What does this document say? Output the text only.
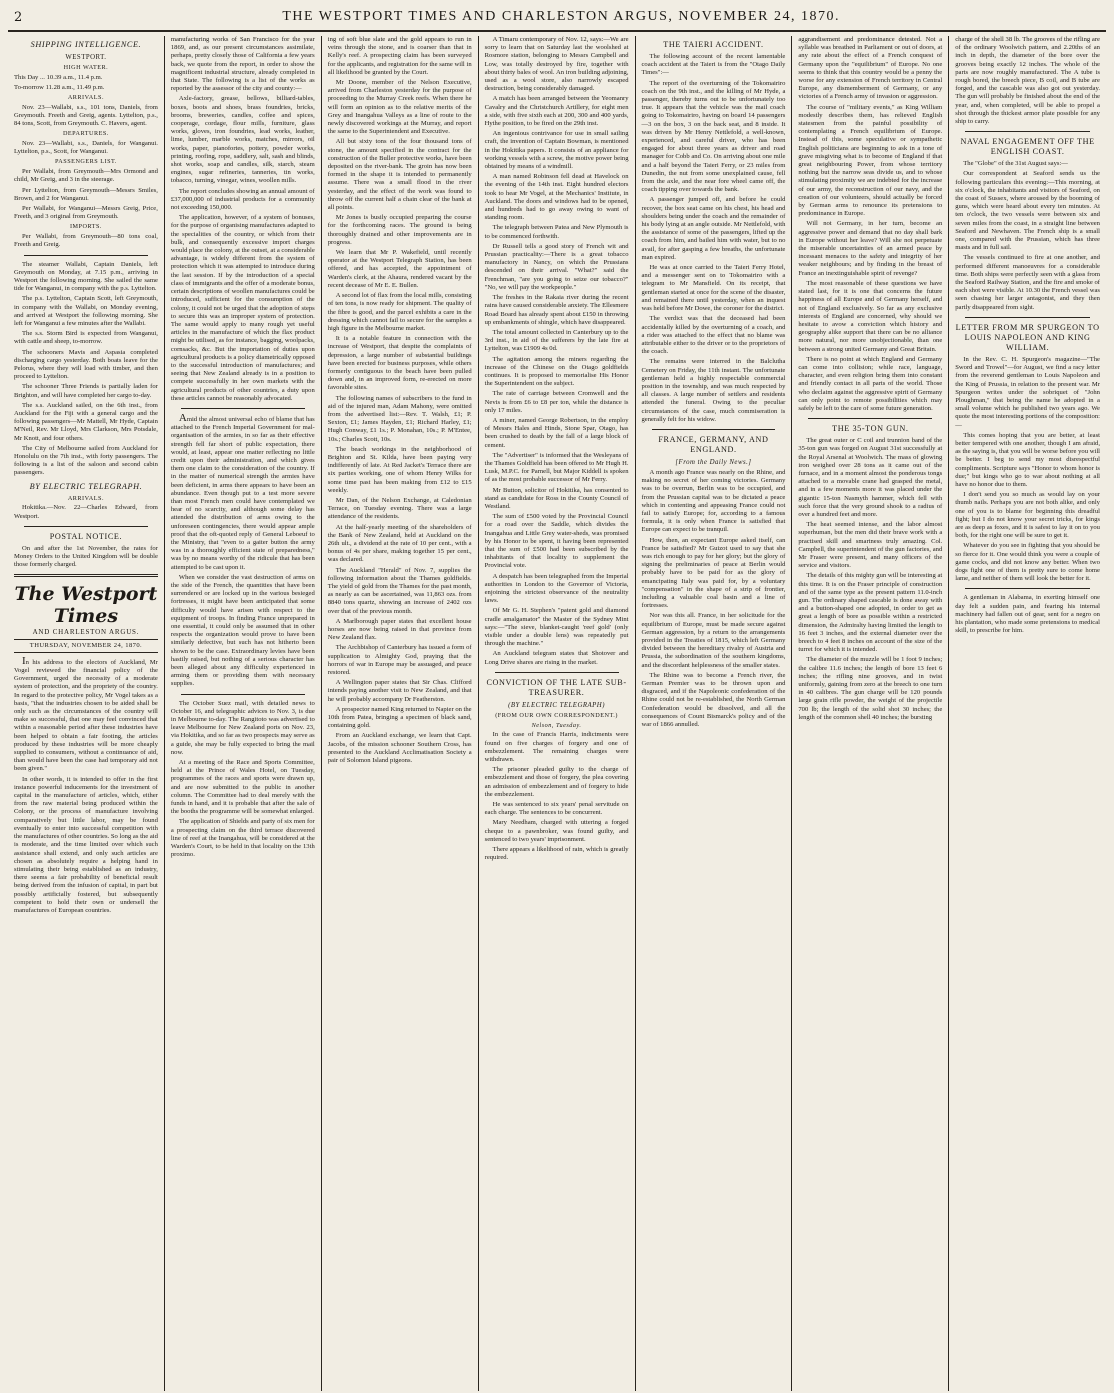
2	THE WESTPORT TIMES AND CHARLESTON ARGUS, NOVEMBER 24, 1870.
SHIPPING INTELLIGENCE.
WESTPORT.
HIGH WATER.

This Day ... 10.39 a.m., 11.4 p.m.

To-morrow 11.28 a.m., 11.49 p.m.

ARRIVALS.

Nov. 23—Wallabi, s.s., 101 tons, Daniels, from Greymouth. Freeth and Greig, agents. Lyttelton, p.s., 84 tons, Scott, from Greymouth. C. Havers, agent.

DEPARTURES.

Nov. 23—Wallabi, s.s., Daniels, for Wanganui. Lyttelton, p.s., Scott, for Wanganui.

PASSENGERS LIST.

Per Wallabi, from Greymouth—Mrs Ormond and child, Mr Greig, and 3 in the steerage.

Per Lyttelton, from Greymouth—Messrs Smiles, Brown, and 2 for Wanganui.

Per Wallabi, for Wanganui—Messrs Greig, Price, Freeth, and 3 original from Greymouth.

IMPORTS.

Per Wallabi, from Greymouth—80 tons coal, Freeth and Greig.

The steamer Wallabi, Captain Daniels, left Greymouth on Monday, at 7.15 p.m., arriving in Westport the following morning. She sailed the same tide for Wanganui, in company with the p.s. Lyttelton.

The p.s. Lyttelton, Captain Scott, left Greymouth, in company with the Wallabi, on Monday evening, and arrived at Westport the following morning. She left for Wanganui a few minutes after the Wallabi.

The s.s. Storm Bird is expected from Wanganui, with cattle and sheep, to-morrow.

The schooners Mavis and Aspasia completed discharging cargo yesterday. Both boats leave for the Pelorus, where they will load with timber, and then proceed to Lyttelton.

The schooner Three Friends is partially laden for Brighton, and will have completed her cargo to-day.

The s.s. Auckland sailed, on the 6th inst., from Auckland for the Fiji with a general cargo and the following passengers—Mr Mattell, Mr Hyde, Captain M'Neil, Rev. Mr Lloyd, Mrs Clarkson, Mrs Potsdale, Mr Knott, and four others.

The City of Melbourne sailed from Auckland for Honolulu on the 7th inst., with forty passengers. The following is a list of the saloon and second cabin passengers.

BY ELECTRIC TELEGRAPH.
ARRIVALS.

Hokitika.—Nov. 22—Charles Edward, from Westport.

POSTAL NOTICE.

On and after the 1st November, the rates for Money Orders to the United Kingdom will be double those formerly charged.

The Westport Times
AND CHARLESTON ARGUS.
THURSDAY, NOVEMBER 24, 1870.

In his address to the electors of Auckland, Mr Vogel reviewed the financial policy of the Government, urged the necessity of a moderate system of protection, and the propriety of the country. In regard to the protective policy, Mr Vogel takes as a basis, "that the industries chosen to be aided shall be only such as the circumstances of the country will make so successful, that one may feel convinced that within a reasonable period after these industries have been helped to obtain a fair footing, the articles produced by these industries will be more cheaply supplied to consumers, without a continuance of aid, than would have been the case had temporary aid not been given."

In other words, it is intended to offer in the first instance powerful inducements for the investment of capital in the manufacture of articles, which, either from the raw material being produced within the Colony, or the process of manufacture involving comparatively but little labor, may be found eventually to enter into successful competition with the manufactures of other countries. So long as the aid is moderate, and the time limited over which such assistance shall extend, and only such articles are chosen as absolutely require a helping hand in stimulating their being established as an industry, there seems a fair probability of beneficial result being derived from the infusion of capital, in part but possibly artificially fostered, but subsequently competent to hold their own or undersell the manufactures of European countries.

manufacturing works of San Francisco for the year 1869, and, as our present circumstances assimilate, perhaps, pretty closely those of California a few years back, we quote from the report, in order to show the magnificent industrial structure, already completed in that State. The following is a list of the works as reported by the assessor of the city and county:—

Axle-factory, grease, bellows, billiard-tables, boxes, boots and shoes, brass foundries, bricks, brooms, breweries, candles, coffee and spices, cooperage, cordage, flour mills, furniture, glass works, gloves, iron foundries, lead works, leather, lime, lumber, marble works, matches, mirrors, oil works, paper, pianofortes, pottery, powder works, printing, roofing, rope, saddlery, salt, sash and blinds, shot works, soap and candles, silk, starch, steam engines, sugar refineries, tanneries, tin works, tobacco, turning, vinegar, wines, woollen mills.

The report concludes showing an annual amount of £37,000,000 of industrial products for a community not exceeding 150,000.

The application, however, of a system of bonuses, for the purpose of organising manufactures adapted to the specialities of the country, or which from their bulk, and consequently excessive import charges would place the colony, at the outset, at a considerable advantage, is widely different from the system of protection which it was attempted to introduce during the last session. If by the introduction of a special class of immigrants and the offer of a moderate bonus, certain descriptions of woollen manufactures could be introduced, sufficient for the consumption of the colony, it could not be urged that the adoption of steps to secure this was an improper system of protection. The same would apply to many rough yet useful articles in the manufacture of which the flax product might be utilised, as for instance, bagging, woolpacks, cornsacks, &c. But the importation of duties upon agricultural products is a policy diametrically opposed to the successful introduction of manufactures; and seeing that New Zealand already is in a position to compete successfully in her own markets with the agricultural products of other countries, a duty upon these articles cannot be reasonably advocated.

Amid the almost universal echo of blame that has attached to the French Imperial Government for mal-organisation of the armies, in so far as their effective strength fell far short of public expectation, there would, at least, appear one matter reflecting no little credit upon their administration, and which gives them one claim to the consideration of the country. If in the matter of numerical strength the armies have been deficient, in arms there appears to have been an abundance. Even though put to a test more severe than most French men could have contemplated we hear of no scarcity, and although some delay has attended the distribution of arms owing to the unforeseen contingencies, there would appear ample proof that the oft-quoted reply of General Leboeuf to the Ministry, that "even to a gaiter button the army was in a thoroughly efficient state of preparedness," was by no means worthy of the ridicule that has been attempted to be cast upon it.

When we consider the vast destruction of arms on the side of the French, the quantities that have been surrendered or are locked up in the various besieged fortresses, it might have been anticipated that some difficulty would have arisen with respect to the equipment of troops. In finding France unprepared in one essential, it could only be assumed that in other respects the organization would prove to have been similarly defective, but such has not hitherto been shown to be the case. Extraordinary levies have been hastily raised, but nothing of a serious character has been alleged about any difficulty experienced in arming them or providing them with necessary supplies.

The October Suez mail, with detailed news to October 16, and telegraphic advices to Nov. 3, is due in Melbourne to-day. The Rangitoto was advertised to leave Melbourne for New Zealand ports on Nov. 23, via Hokitika, and so far as two prospects may serve as a guide, she may be fully expected to bring the mail now.

At a meeting of the Race and Sports Committee, held at the Prince of Wales Hotel, on Tuesday, programmes of the races and sports were drawn up, and are now submitted to the public in another column. The Committee had to deal merely with the funds in hand, and it is probable that after the sale of the booths the programme will be somewhat enlarged.

The application of Shields and party of six men for a prospecting claim on the third terrace discovered line of reef at the Inangahua, will be considered at the Warden's Court, to be held in that locality on the 13th proximo.

ing of soft blue slate and the gold appears to run in veins through the stone, and is coarser than that in Kelly's reef. A prospecting claim has been surveyed for the applicants, and registration for the same will in all likelihood be granted by the Court.

Mr Doone, member of the Nelson Executive, arrived from Charleston yesterday for the purpose of proceeding to the Murray Creek reefs. When there he will form an opinion as to the relative merits of the Grey and Inangahua Valleys as a line of route to the newly discovered workings at the Murray, and report the same to the Superintendent and Executive.

All but sixty tons of the four thousand tons of stone, the amount specified in the contract for the construction of the Buller protective works, have been deposited on the river-bank. The groin has now been formed in the shape it is intended to permanently assume. There was a small flood in the river yesterday, and the effect of the work was found to throw off the current half a chain clear of the bank at all points.

Mr Jones is busily occupied preparing the course for the forthcoming races. The ground is being thoroughly drained and other improvements are in progress.

We learn that Mr P. Wakefield, until recently operator at the Westport Telegraph Station, has been offered, and has accepted, the appointment of Warden's clerk, at the Ahaura, rendered vacant by the recent decease of Mr E. E. Bullen.

A second lot of flax from the local mills, consisting of ten tons, is now ready for shipment. The quality of the fibre is good, and the parcel exhibits a care in the dressing which cannot fail to secure for the samples a high figure in the Melbourne market.

It is a notable feature in connection with the increase of Westport, that despite the complaints of depression, a large number of substantial buildings have been erected for business purposes, while others formerly contiguous to the beach have been pulled down and, in an improved form, re-erected on more favorable sites.

The following names of subscribers to the fund in aid of the injured man, Adam Mahony, were omitted from the advertised list:—Rev. T. Walsh, £1; P. Sexton, £1; James Hayden, £1; Richard Harley, £1; Hugh Conway, £1 1s.; P. Monahan, 10s.; P. M'Entee, 10s.; Charles Scott, 10s.

The beach workings in the neighborhood of Brighton and St. Kilda, have been paying very indifferently of late. At Red Jacket's Terrace there are six parties working, one of whom Henry Wilks for some time past has been making from £12 to £15 weekly.

Mr Dan, of the Nelson Exchange, at Caledonian Terrace, on Tuesday evening. There was a large attendance of the residents.

At the half-yearly meeting of the shareholders of the Bank of New Zealand, held at Auckland on the 26th ult., a dividend at the rate of 10 per cent., with a bonus of 4s per share, making together 15 per cent., was declared.

The Auckland "Herald" of Nov. 7, supplies the following information about the Thames goldfields. The yield of gold from the Thames for the past month, as nearly as can be ascertained, was 11,863 ozs. from 8840 tons quartz, showing an increase of 2402 ozs over that of the previous month.

A Marlborough paper states that excellent house horses are now being raised in that province from New Zealand flax.

The Archbishop of Canterbury has issued a form of supplication to Almighty God, praying that the horrors of war in Europe may be assuaged, and peace restored.

A Wellington paper states that Sir Chas. Clifford intends paying another visit to New Zealand, and that he will probably accompany Dr Featherston.

A prospector named King returned to Napier on the 10th from Patea, bringing a specimen of black sand, containing gold.

From an Auckland exchange, we learn that Capt. Jacobs, of the mission schooner Southern Cross, has presented to the Auckland Acclimatisation Society a pair of Solomon Island pigeons.

A Timaru contemporary of Nov. 12, says:—We are sorry to learn that on Saturday last the woolshed at Rosmore station, belonging to Messrs Campbell and Low, was totally destroyed by fire, together with about thirty bales of wool. An iron building adjoining, used as a wool store, also narrowly escaped destruction, being considerably damaged.

A match has been arranged between the Yeomanry Cavalry and the Christchurch Artillery, for eight men a side, with five sixth each at 200, 300 and 400 yards, Hythe position, to be fired on the 29th inst.

An ingenious contrivance for use in small sailing craft, the invention of Captain Bowman, is mentioned in the Hokitika papers. It consists of an appliance for working vessels with a screw, the motive power being obtained by means of a windmill.

A man named Robinson fell dead at Havelock on the evening of the 14th inst. Eight hundred electors took to hear Mr Vogel, at the Mechanics' Institute, in Auckland. The doors and windows had to be opened, and hundreds had to go away owing to want of standing room.

The telegraph between Patea and New Plymouth is to be commenced forthwith.

Dr Russell tells a good story of French wit and Prussian practicality:—There is a great tobacco manufactory in Nancy, on which the Prussians descended on their arrival. "What?" said the Frenchman, "are you going to seize our tobacco?" "No, we will pay the workpeople."

The freshes in the Rakaia river during the recent rains have caused considerable anxiety. The Ellesmere Road Board has already spent about £150 in throwing up embankments of shingle, which have disappeared.

The total amount collected in Canterbury up to the 3rd inst., in aid of the sufferers by the late fire at Lyttelton, was £1909 4s 0d.

The agitation among the miners regarding the increase of the Chinese on the Otago goldfields continues. It is proposed to memorialise His Honor the Superintendent on the subject.

The rate of carriage between Cromwell and the Nevis is from £6 to £8 per ton, while the distance is only 17 miles.

A miner, named George Robertson, in the employ of Messrs Hales and Hinds, Stone Spar, Otago, has been crushed to death by the fall of a large block of cement.

The "Advertiser" is informed that the Wesleyans of the Thames Goldfield has been offered to Mr Hugh H. Lusk, M.P.C. for Parnell, but Major Kiddell is spoken of as the most probable successor of Mr Ferry.

Mr Button, solicitor of Hokitika, has consented to stand as candidate for Ross in the County Council of Westland.

The sum of £500 voted by the Provincial Council for a road over the Saddle, which divides the Inangahua and Little Grey water-sheds, was promised by his Honor to be spent, it having been represented that the sum of £500 had been subscribed by the inhabitants of that locality to supplement the Provincial vote.

A despatch has been telegraphed from the Imperial authorities in London to the Governor of Victoria, enjoining the strictest observance of the neutrality laws.

Of Mr G. H. Stephen's "patent gold and diamond cradle amalgamator" the Master of the Sydney Mint says:—"The sieve, blanket-caught 'reef gold' (only visible under a double lens) was repeatedly put through the machine."

An Auckland telegram states that Shotover and Long Drive shares are rising in the market.

CONVICTION OF THE LATE SUB-TREASURER.
(BY ELECTRIC TELEGRAPH)
(FROM OUR OWN CORRESPONDENT.)
Nelson, Tuesday.

In the case of Francis Harris, indictments were found on five charges of forgery and one of embezzlement. The remaining charges were withdrawn.

The prisoner pleaded guilty to the charge of embezzlement and those of forgery, the plea covering an admission of embezzlement and of forgery to hide the embezzlement.

He was sentenced to six years' penal servitude on each charge. The sentences to be concurrent.

Mary Needham, charged with uttering a forged cheque to a pawnbroker, was found guilty, and sentenced to two years' imprisonment.

There appears a likelihood of rain, which is greatly required.

THE TAIERI ACCIDENT.

The following account of the recent lamentable coach accident at the Taieri is from the "Otago Daily Times":—

The report of the overturning of the Tokomairiro coach on the 9th inst., and the killing of Mr Hyde, a passenger, thereby turns out to be unfortunately too true. It appears that the vehicle was the mail coach going to Tokomairiro, having on board 14 passengers—3 on the box, 3 on the back seat, and 8 inside. It was driven by Mr Henry Nettlefold, a well-known, experienced, and careful driver, who has been engaged for about three years as driver and road manager for Cobb and Co. On arriving about one mile and a half beyond the Taieri Ferry, or 23 miles from Dunedin, the nut from some unexplained cause, fell from the axle, and the near fore wheel came off, the coach tipping over towards the bank.

A passenger jumped off, and before he could recover, the box seat came on his chest, his head and shoulders being under the coach and the remainder of his body lying at an angle outside. Mr Nettlefold, with the assistance of some of the passengers, lifted up the coach from him, and bailed him with water, but to no avail, for after gasping a few breaths, the unfortunate man expired.

He was at once carried to the Taieri Ferry Hotel, and a messenger sent on to Tokomairiro with a telegram to Mr Mansfield. On its receipt, that gentleman started at once for the scene of the disaster, and remained there until yesterday, when an inquest was held before Mr Dowe, the coroner for the district.

The verdict was that the deceased had been accidentally killed by the overturning of a coach, and a rider was attached to the effect that no blame was attributable either to the driver or to the proprietors of the coach.

The remains were interred in the Balclutha Cemetery on Friday, the 11th instant. The unfortunate gentleman held a highly respectable commercial position in the township, and was much respected by all classes. A large number of settlers and residents attended the funeral. Owing to the peculiar circumstances of the case, much commiseration is generally felt for his widow.

FRANCE, GERMANY, AND ENGLAND.
[From the Daily News.]

A month ago France was nearly on the Rhine, and making no secret of her coming victories. Germany was to be overrun, Berlin was to be occupied, and from the Prussian capital was to be dictated a peace which in contenting and appeasing France could not fail to satisfy Europe; for, according to a famous formula, it is only when France is satisfied that Europe can expect to be tranquil.

How, then, an expectant Europe asked itself, can France be satisfied? Mr Guizot used to say that she was rich enough to pay for her glory; but the glory of signing the preliminaries of peace at Berlin would probably have to be paid for as the glory of emancipating Italy was paid for, by a voluntary "compensation" in the shape of a strip of frontier, including a valuable coal basin and a line of fortresses.

Nor was this all. France, in her solicitude for the equilibrium of Europe, must be made secure against German aggression, by a return to the arrangements provided in the Treaties of 1815, which left Germany divided between the hereditary rivalry of Austria and Prussia, the subordination of the southern kingdoms, and the discordant helplessness of the smaller states.

The Rhine was to become a French river, the German Premier was to be thrown upon and disgraced, and if the Napoleonic confederation of the Rhine could not be re-established, the North German Confederation would be dissolved, and all the consequences of Count Bismarck's policy and of the war of 1866 annulled.

aggrandisement and predominance detested. Not a syllable was breathed in Parliament or out of doors, at any rate about the effect of a French conquest of Germany upon the "equilibrium" of Europe. No one seems to think that this country would be a penny the worse for any extension of French territory in Central Europe, any dismemberment of Germany, or any victories of a French army of invasion or aggression.

The course of "military events," as King William modestly describes them, has relieved English statesmen from the painful possibility of contemplating a French equilibrium of Europe. Instead of this, some speculative or sympathetic English politicians are beginning to ask in a tone of grave misgiving what is to become of England if that great neighbouring Power, from whose territory nothing but the narrow seas divide us, and to whose stimulating proximity we are indebted for the increase of our army, the reconstruction of our navy, and the creation of our volunteers, should actually be forced by German arms to renounce its pretensions to predominance in Europe.

Will not Germany, in her turn, become an aggressive power and demand that no day shall bark in Europe without her leave? Will she not perpetuate the miserable uncertainties of an armed peace by incessant menaces to the safety and integrity of her weaker neighbours; and by finding in the breast of France an inextinguishable spirit of revenge?

The most reasonable of these questions we have stated last, for it is one that concerns the future happiness of all Europe and of Germany herself, and not of England exclusively. So far as any exclusive interests of England are concerned, why should we hesitate to avow a conviction which history and geography alike support that there can be no alliance more natural, nor more unobjectionable, than one between a strong united Germany and Great Britain.

There is no point at which England and Germany can come into collision; while race, language, character, and even religion bring them into constant and friendly contact in all parts of the world. Those who declaim against the aggressive spirit of Germany can only point to remote possibilities which may safely be left to the care of some future generation.

THE 35-TON GUN.

The great outer or C coil and trunnion band of the 35-ton gun was forged on August 31st successfully at the Royal Arsenal at Woolwich. The mass of glowing iron weighed over 28 tons as it came out of the furnace, and in a moment almost the ponderous tongs attached to a movable crane had grasped the metal, and in a few moments more it was placed under the gigantic 15-ton Nasmyth hammer, which fell with such force that the very ground shook to a radius of over a hundred feet and more.

The heat seemed intense, and the labor almost superhuman, but the men did their brave work with a practised skill and smartness truly amazing. Col. Campbell, the superintendent of the gun factories, and Mr Fraser were present, and many officers of the service and visitors.

The details of this mighty gun will be interesting at this time. It is on the Fraser principle of construction and of the same type as the present pattern 11.0-inch gun. The ordinary shaped cascable is done away with and a button-shaped one adopted, in order to get as great a length of bore as possible within a restricted dimension, the Admiralty having limited the length to 16 feet 3 inches, and the external diameter over the breech to 4 feet 8 inches on account of the size of the turret for which it is intended.

The diameter of the muzzle will be 1 foot 9 inches; the calibre 11.6 inches; the length of bore 13 feet 6 inches; the rifling nine grooves, and in twist uniformly, gaining from zero at the breech to one turn in 40 calibres. The gun charge will be 120 pounds large grain rifle powder, the weight of the projectile 700 lb; the length of the solid shot 30 inches; the length of the common shell 40 inches; the bursting

charge of the shell 38 lb. The grooves of the rifling are of the ordinary Woolwich pattern, and 2.20ths of an inch in depth, the diameter of the bore over the grooves being exactly 12 inches. The whole of the parts are now roughly manufactured. The A tube is rough bored, the breech piece, B coil, and B tube are forged, and the cascable was also got out yesterday. The gun will probably be finished about the end of the year, and, when completed, will be able to propel a shot through the thickest armor plate possible for any ship to carry.

NAVAL ENGAGEMENT OFF THE ENGLISH COAST.

The "Globe" of the 31st August says:—

Our correspondent at Seaford sends us the following particulars this evening:—This morning, at six o'clock, the inhabitants and visitors of Seaford, on the coast of Sussex, where aroused by the booming of guns, which were heard about every ten minutes. At ten o'clock, the two vessels were between six and seven miles from the coast, in a straight line between Seaford and Newhaven. The French ship is a small one, compared with the Prussian, which has three masts and in full sail.

The vessels continued to fire at one another, and performed different manoeuvres for a considerable time. Both ships were perfectly seen with a glass from the Seaford Railway Station, and the fire and smoke of each shot were visible. At 10.30 the French vessel was seen chasing her larger antagonist, and they then partly disappeared from sight.

LETTER FROM MR SPURGEON TO LOUIS NAPOLEON AND KING WILLIAM.

In the Rev. C. H. Spurgeon's magazine—"The Sword and Trowel"—for August, we find a racy letter from the reverend gentleman to Louis Napoleon and the King of Prussia, in relation to the present war. Mr Spurgeon writes under the sobriquet of "John Ploughman," that being the name he adopted in a small volume which he published two years ago. We quote the most interesting portions of the composition:—

This comes hoping that you are better, at least better tempered with one another, though I am afraid, as the saying is, that you will be worse before you will be better. I beg to send my most disrespectful compliments. Scripture says "Honor to whom honor is due;" but kings who go to war about nothing at all have no honor due to them.

I don't send you so much as would lay on your thumb nails. Perhaps you are not both alike, and only one of you is to blame for beginning this dreadful fight; but I do not know your secret tricks, for kings are as deep as foxes, and it is safest to lay it on to you both, for the right one will be sure to get it.

Whatever do you see in fighting that you should be so fierce for it. One would think you were a couple of game cocks, and did not know any better. When two dogs fight one of them is pretty sure to come home lame, and neither of them will look the better for it.

A gentleman in Alabama, in exerting himself one day felt a sudden pain, and fearing his internal machinery had fallen out of gear, sent for a negro on his plantation, who made some pretensions to medical skill, to prescribe for him.
